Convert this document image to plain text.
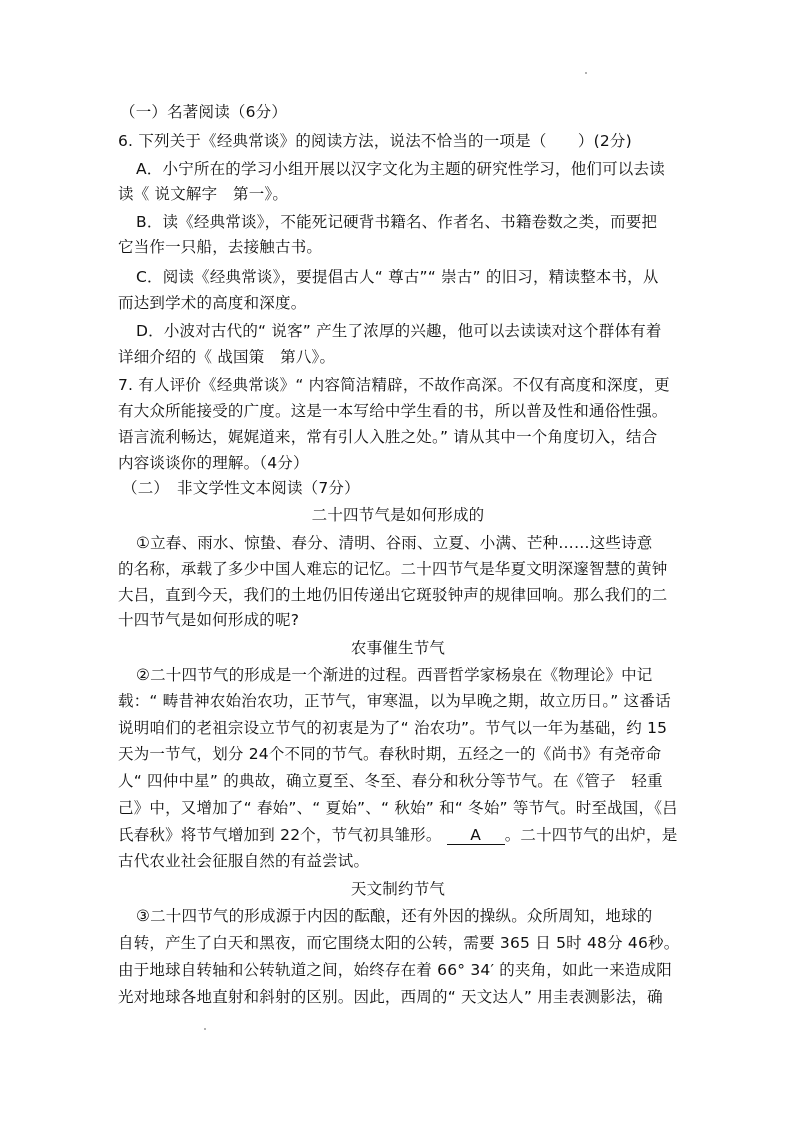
（一）名著阅读（6分）
6. 下列关于《经典常谈》的阅读方法，说法不恰当的一项是（　　）(2分)
A．小宁所在的学习小组开展以汉字文化为主题的研究性学习，他们可以去读
读《 说文解字　第一》。
B．读《经典常谈》，不能死记硬背书籍名、作者名、书籍卷数之类，而要把
它当作一只船，去接触古书。
C．阅读《经典常谈》，要提倡古人“ 尊古”“ 崇古” 的旧习，精读整本书，从
而达到学术的高度和深度。
D．小波对古代的“ 说客” 产生了浓厚的兴趣，他可以去读读对这个群体有着
详细介绍的《 战国策　第八》。
7. 有人评价《经典常谈》“ 内容简洁精辟，不故作高深。不仅有高度和深度，更
有大众所能接受的广度。这是一本写给中学生看的书，所以普及性和通俗性强。
语言流利畅达，娓娓道来，常有引人入胜之处。” 请从其中一个角度切入，结合
内容谈谈你的理解。（4分）
（二）　非文学性文本阅读（7分）
二十四节气是如何形成的
①立春、雨水、惊蛰、春分、清明、谷雨、立夏、小满、芒种……这些诗意
的名称，承载了多少中国人难忘的记忆。二十四节气是华夏文明深邃智慧的黄钟
大吕，直到今天，我们的土地仍旧传递出它斑驳钟声的规律回响。那么我们的二
十四节气是如何形成的呢?
农事催生节气
②二十四节气的形成是一个渐进的过程。西晋哲学家杨泉在《物理论》中记
载：“ 畴昔神农始治农功，正节气，审寒温，以为早晚之期，故立历日。” 这番话
说明咱们的老祖宗设立节气的初衷是为了“ 治农功”。节气以一年为基础，约 15
天为一节气，划分 24个不同的节气。春秋时期，五经之一的《尚书》有尧帝命
人“ 四仲中星” 的典故，确立夏至、冬至、春分和秋分等节气。在《管子　轻重
己》中，又增加了“ 春始”、“ 夏始”、“ 秋始” 和“ 冬始” 等节气。时至战国，《吕
氏春秋》将节气增加到 22个，节气初具雏形。 A 。二十四节气的出炉，是
古代农业社会征服自然的有益尝试。
天文制约节气
③二十四节气的形成源于内因的酝酿，还有外因的操纵。众所周知，地球的
自转，产生了白天和黑夜，而它围绕太阳的公转，需要 365 日 5时 48分 46秒。
由于地球自转轴和公转轨道之间，始终存在着 66° 34′ 的夹角，如此一来造成阳
光对地球各地直射和斜射的区别。因此，西周的“ 天文达人” 用圭表测影法，确
